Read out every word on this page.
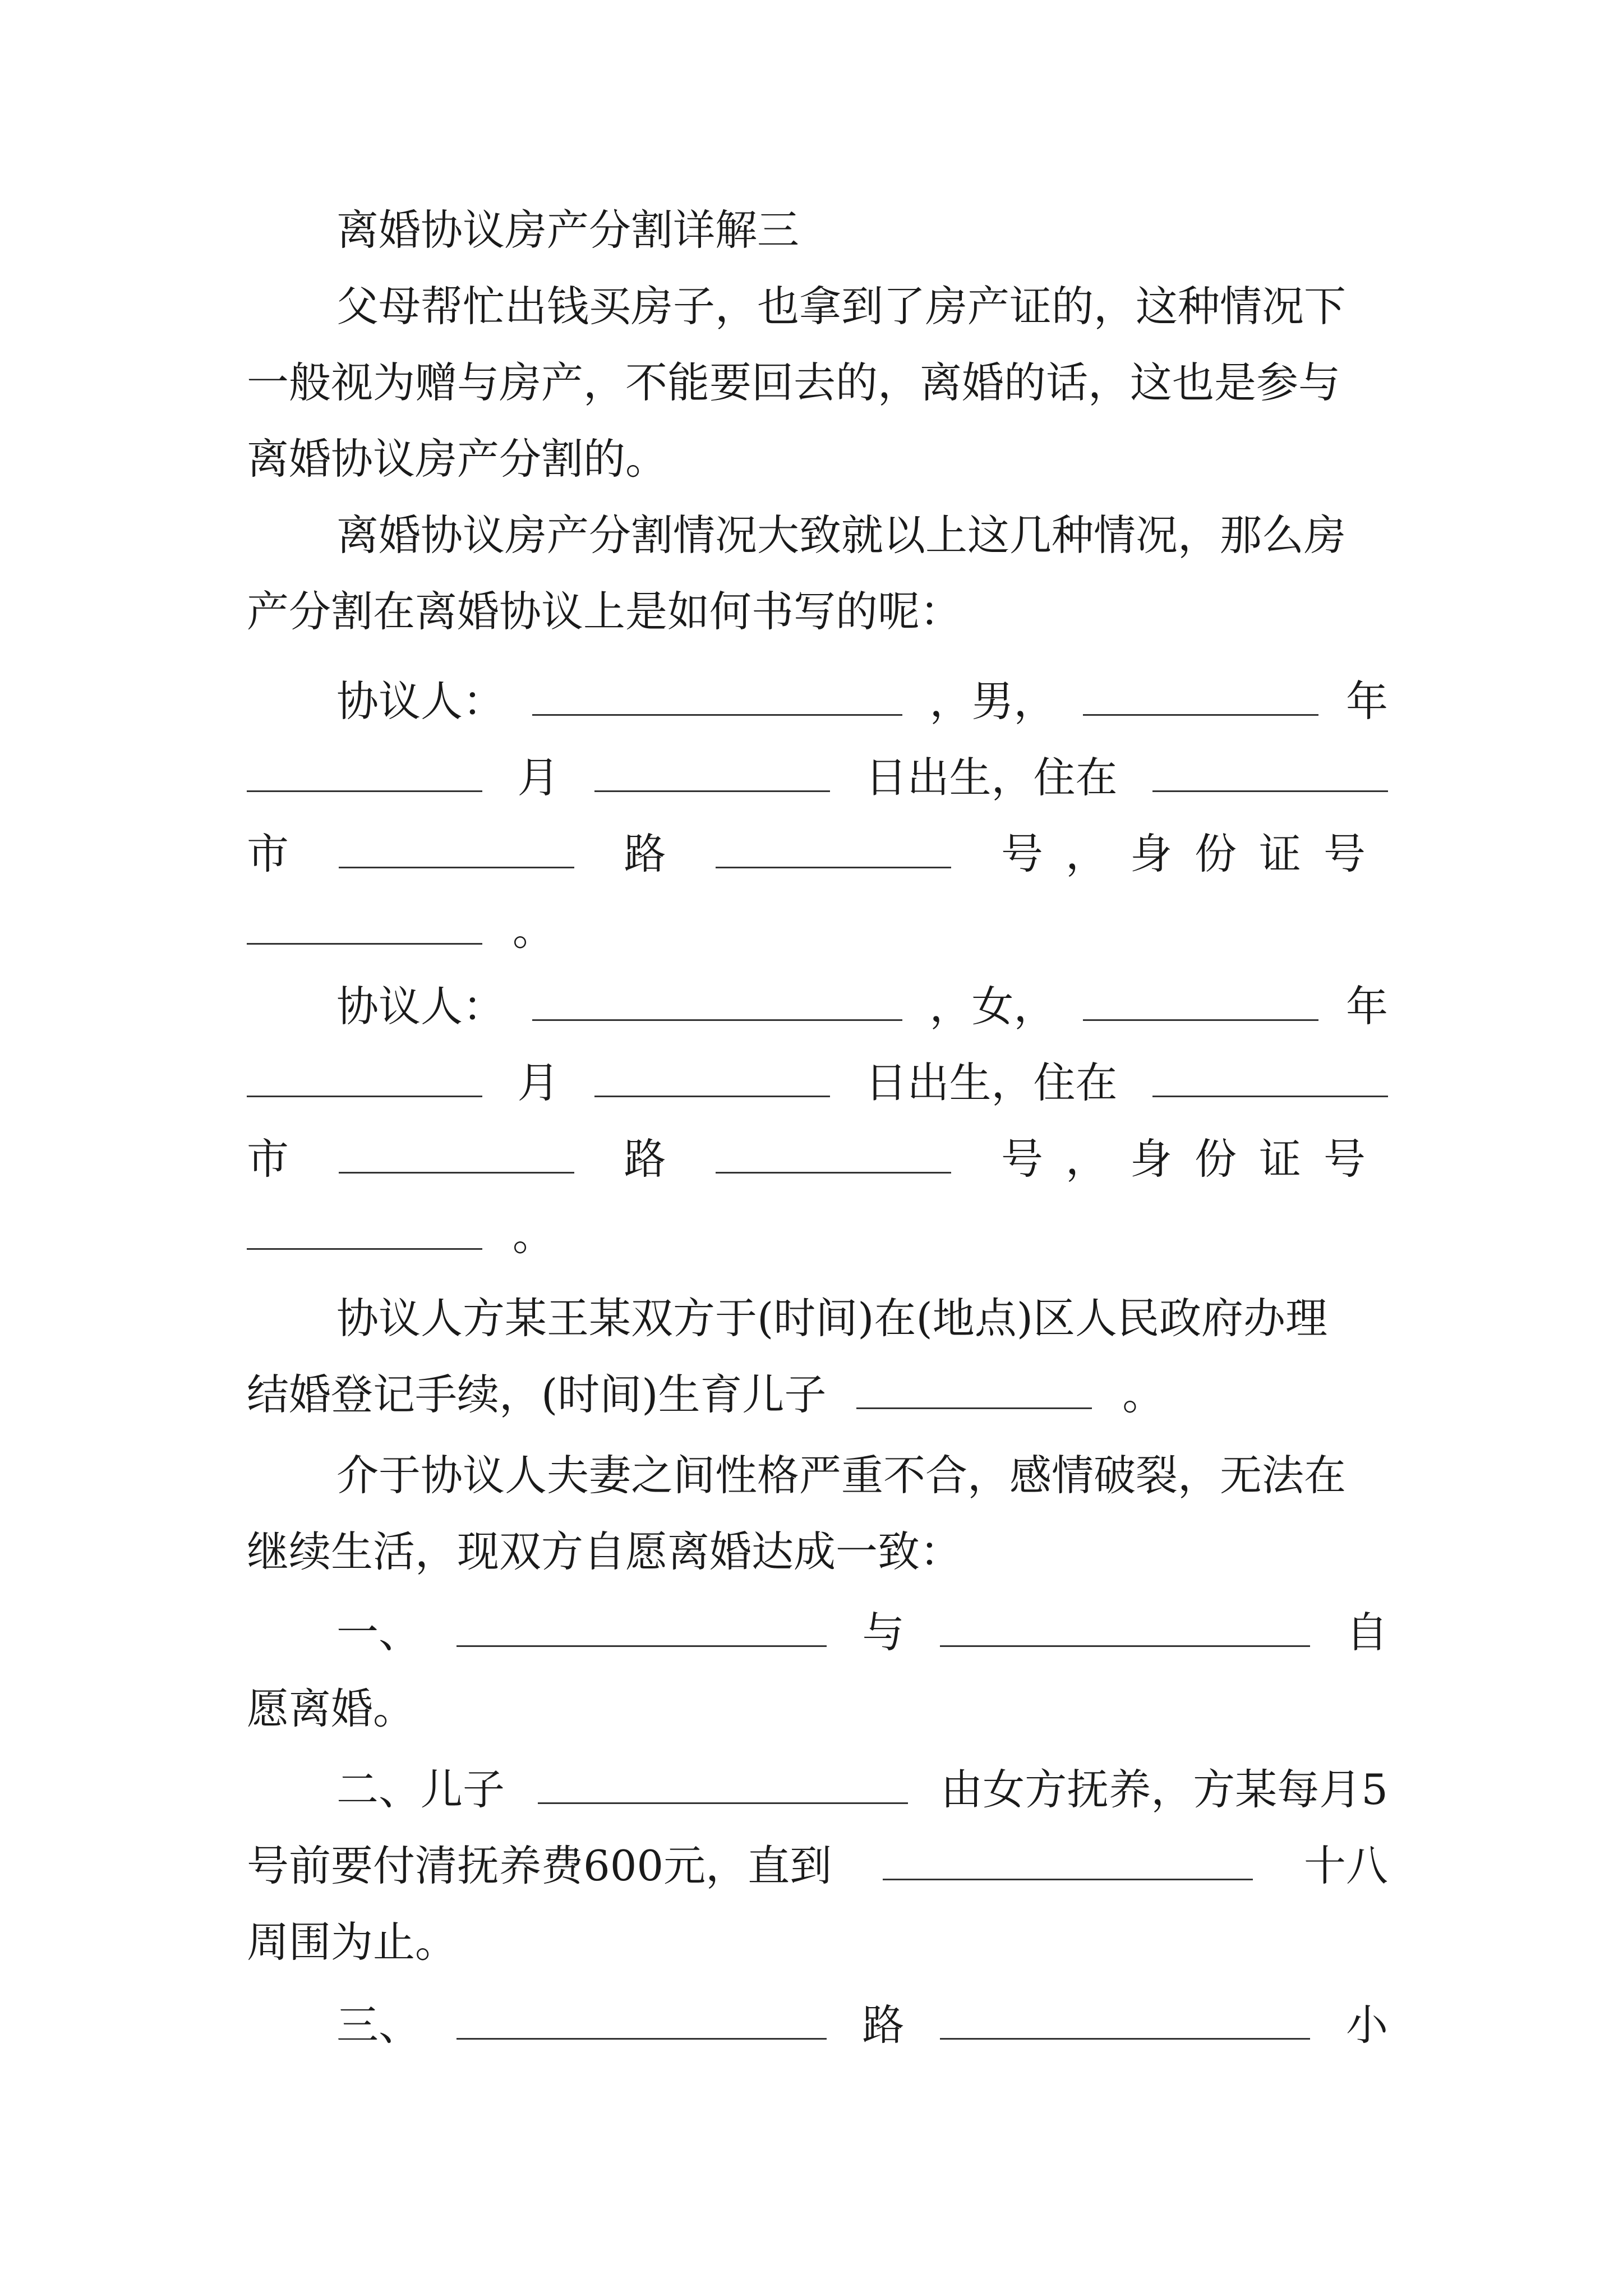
离婚协议房产分割详解三
父母帮忙出钱买房子，也拿到了房产证的，这种情况下
一般视为赠与房产，不能要回去的，离婚的话，这也是参与
离婚协议房产分割的。
离婚协议房产分割情况大致就以上这几种情况，那么房
产分割在离婚协议上是如何书写的呢：
协议人：	，男，	年
月	日出生，住在
市	路	号，身份证号
。
协议人：	，女，	年
月	日出生，住在
市	路	号，身份证号
。
协议人方某王某双方于(时间)在(地点)区人民政府办理
结婚登记手续，(时间)生育儿子	。
介于协议人夫妻之间性格严重不合，感情破裂，无法在
继续生活，现双方自愿离婚达成一致：
一、	与	自
愿离婚。
二、儿子	由女方抚养，方某每月5
号前要付清抚养费600元，直到	十八
周围为止。
三、	路	小
